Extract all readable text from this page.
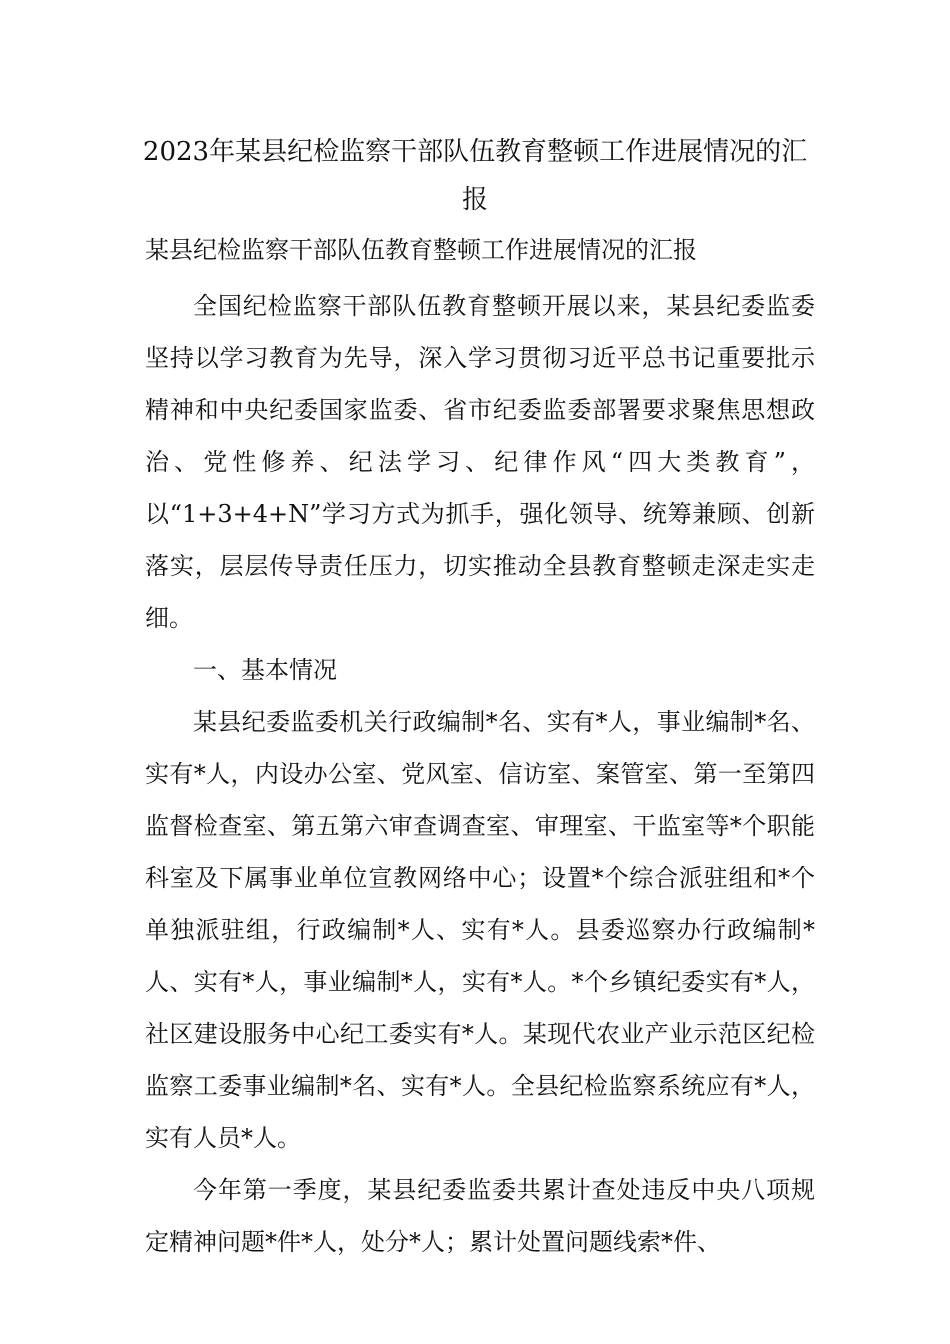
2023年某县纪检监察干部队伍教育整顿工作进展情况的汇
报
某县纪检监察干部队伍教育整顿工作进展情况的汇报

全国纪检监察干部队伍教育整顿开展以来，某县纪委监委坚持以学习教育为先导，深入学习贯彻习近平总书记重要批示精神和中央纪委国家监委、省市纪委监委部署要求聚焦思想政治、党性修养、纪法学习、纪律作风“四大类教育”，以“1+3+4+N”学习方式为抓手，强化领导、统筹兼顾、创新落实，层层传导责任压力，切实推动全县教育整顿走深走实走细。

一、基本情况

某县纪委监委机关行政编制*名、实有*人，事业编制*名、实有*人，内设办公室、党风室、信访室、案管室、第一至第四监督检查室、第五第六审查调查室、审理室、干监室等*个职能科室及下属事业单位宣教网络中心；设置*个综合派驻组和*个单独派驻组，行政编制*人、实有*人。县委巡察办行政编制*人、实有*人，事业编制*人，实有*人。*个乡镇纪委实有*人，社区建设服务中心纪工委实有*人。某现代农业产业示范区纪检监察工委事业编制*名、实有*人。全县纪检监察系统应有*人，实有人员*人。

今年第一季度，某县纪委监委共累计查处违反中央八项规定精神问题*件*人，处分*人；累计处置问题线索*件、
